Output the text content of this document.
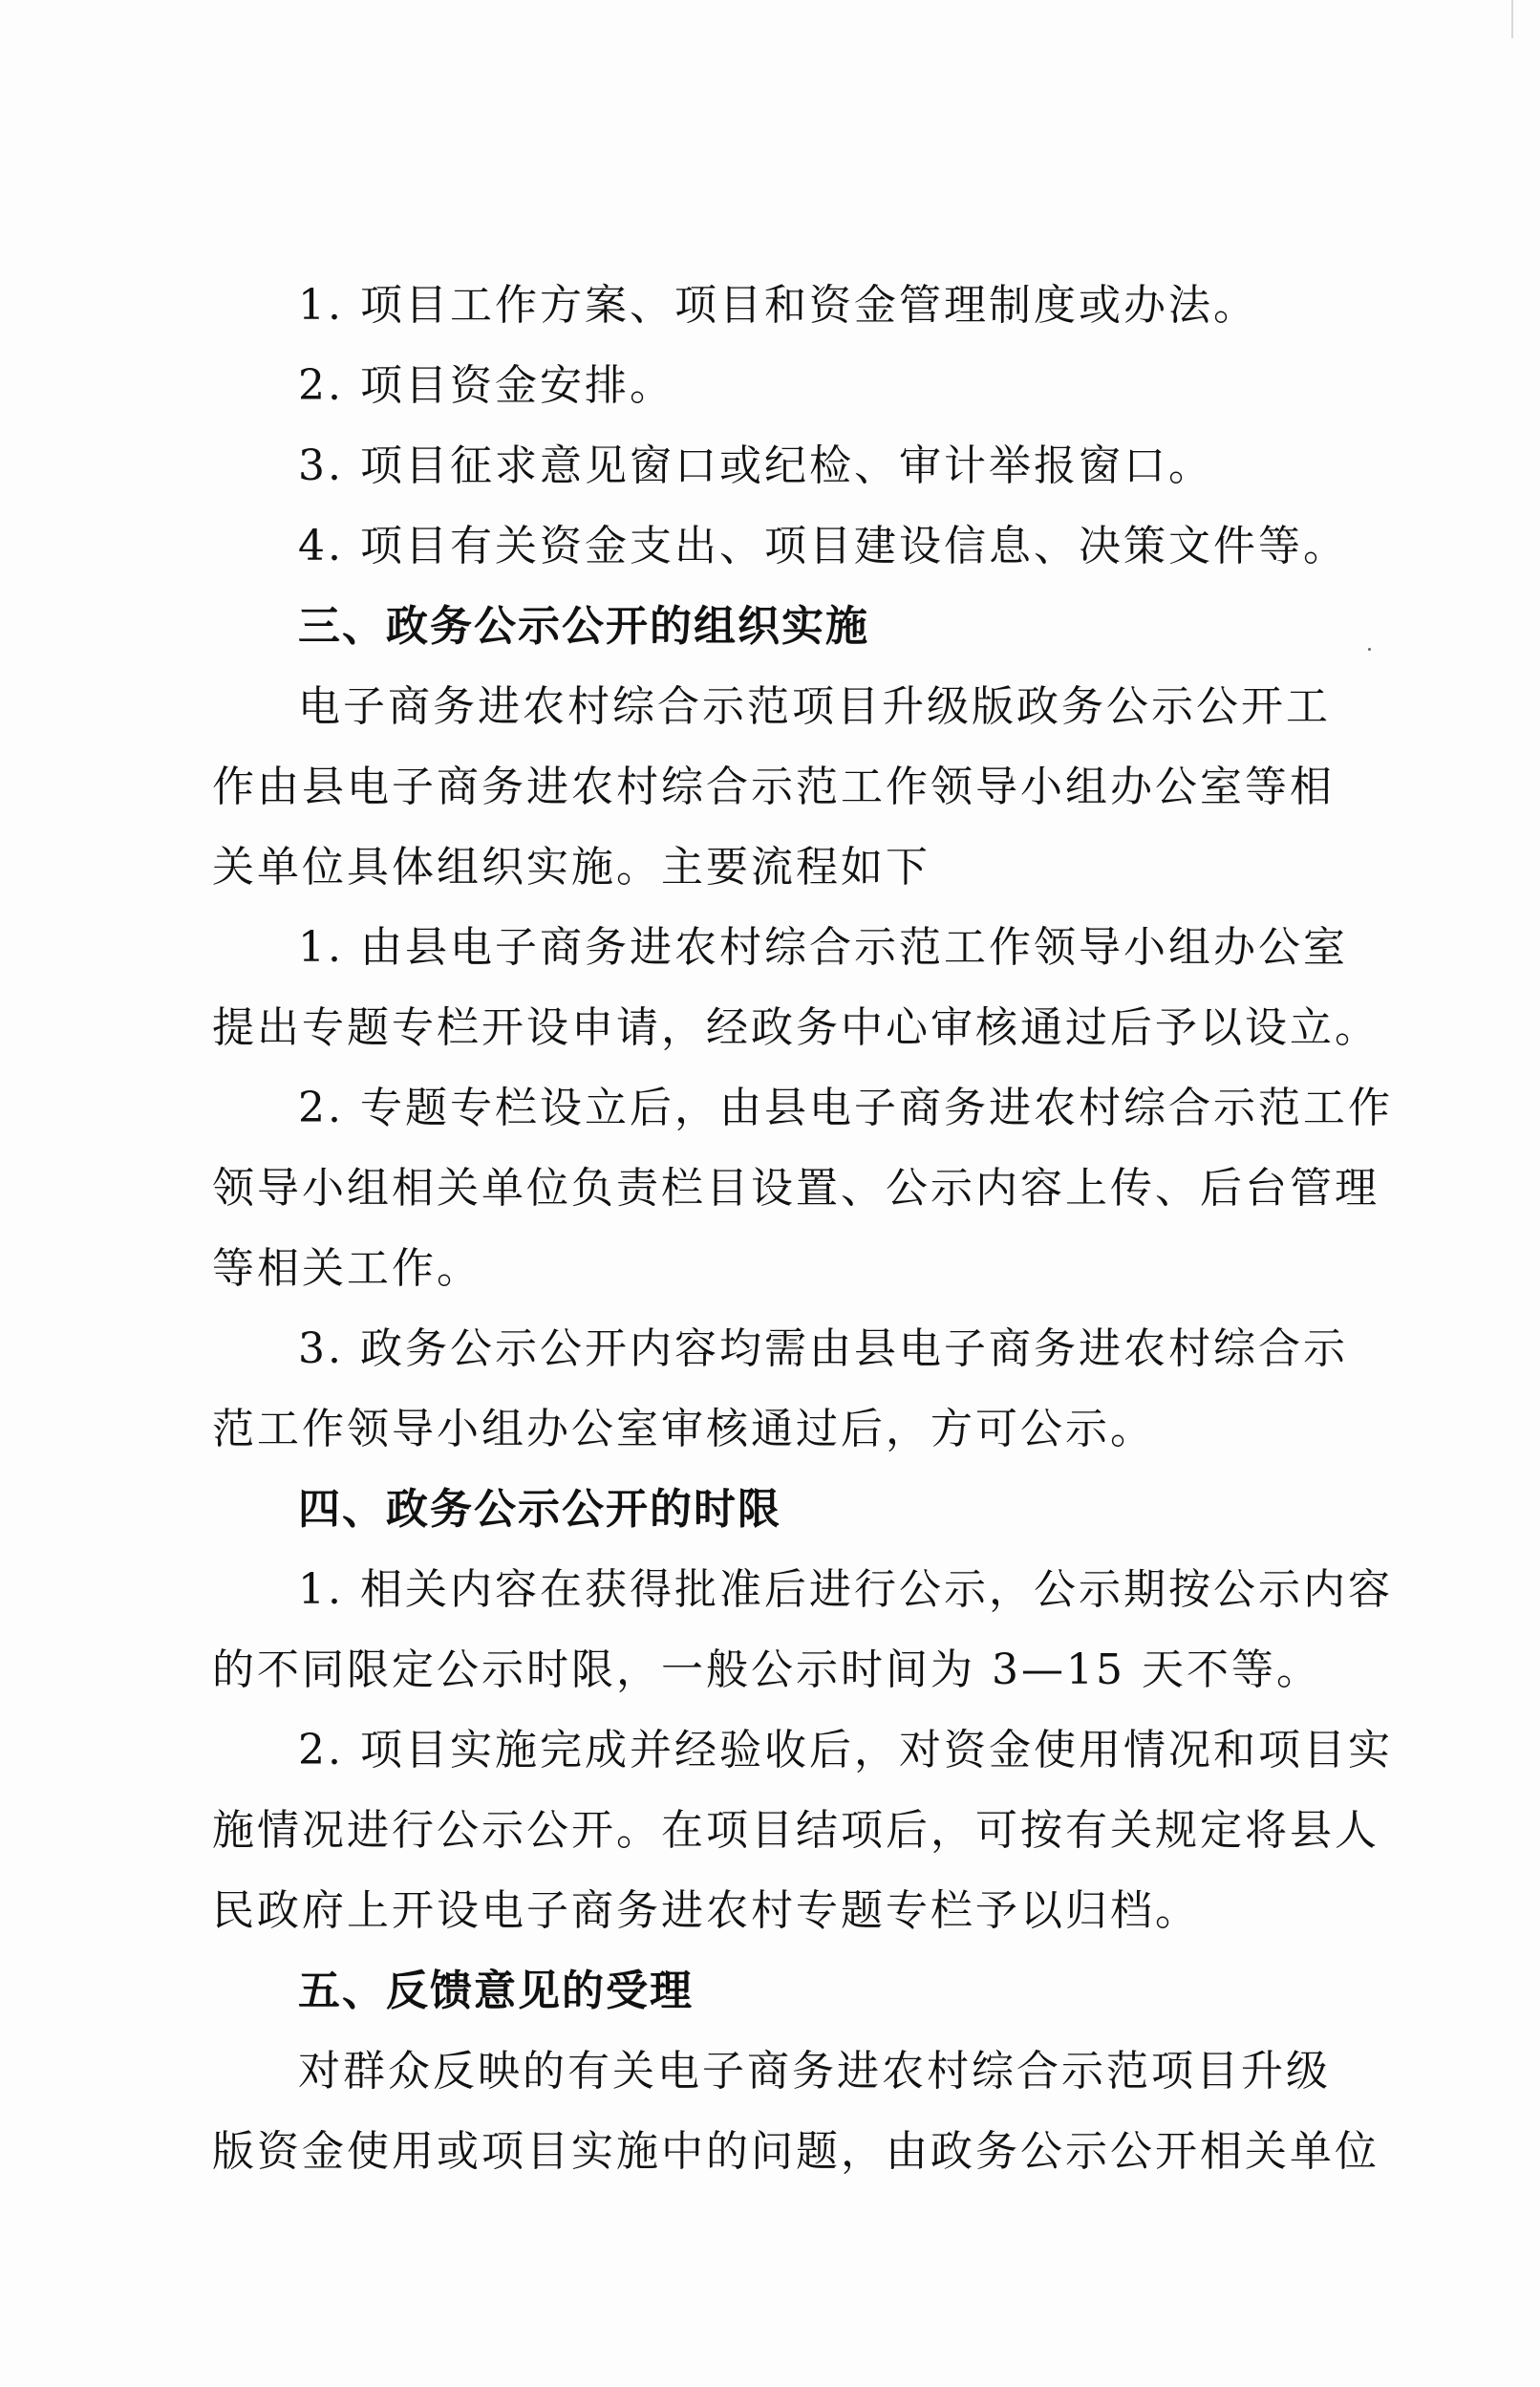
1. 项目工作方案、项目和资金管理制度或办法。
2. 项目资金安排。
3. 项目征求意见窗口或纪检、审计举报窗口。
4. 项目有关资金支出、项目建设信息、决策文件等。
三、政务公示公开的组织实施
电子商务进农村综合示范项目升级版政务公示公开工
作由县电子商务进农村综合示范工作领导小组办公室等相
关单位具体组织实施。主要流程如下
1. 由县电子商务进农村综合示范工作领导小组办公室
提出专题专栏开设申请，经政务中心审核通过后予以设立。
2. 专题专栏设立后，由县电子商务进农村综合示范工作
领导小组相关单位负责栏目设置、公示内容上传、后台管理
等相关工作。
3. 政务公示公开内容均需由县电子商务进农村综合示
范工作领导小组办公室审核通过后，方可公示。
四、政务公示公开的时限
1. 相关内容在获得批准后进行公示，公示期按公示内容
的不同限定公示时限，一般公示时间为 3—15 天不等。
2. 项目实施完成并经验收后，对资金使用情况和项目实
施情况进行公示公开。在项目结项后，可按有关规定将县人
民政府上开设电子商务进农村专题专栏予以归档。
五、反馈意见的受理
对群众反映的有关电子商务进农村综合示范项目升级
版资金使用或项目实施中的问题，由政务公示公开相关单位
